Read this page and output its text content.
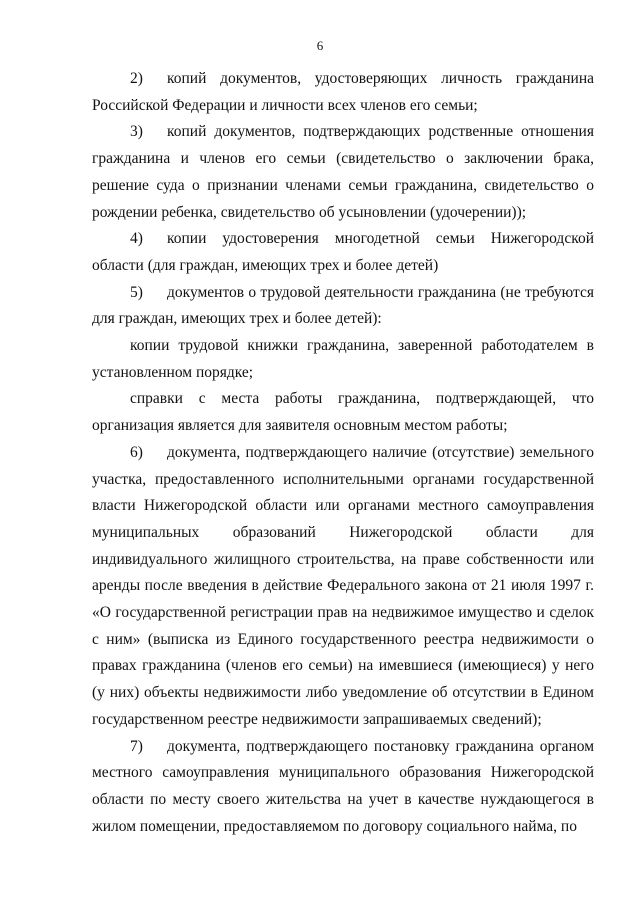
6

2) копий документов, удостоверяющих личность гражданина Российской Федерации и личности всех членов его семьи;

3) копий документов, подтверждающих родственные отношения гражданина и членов его семьи (свидетельство о заключении брака, решение суда о признании членами семьи гражданина, свидетельство о рождении ребенка, свидетельство об усыновлении (удочерении));

4) копии удостоверения многодетной семьи Нижегородской области (для граждан, имеющих трех и более детей)

5) документов о трудовой деятельности гражданина (не требуются для граждан, имеющих трех и более детей):

копии трудовой книжки гражданина, заверенной работодателем в установленном порядке;

справки с места работы гражданина, подтверждающей, что организация является для заявителя основным местом работы;

6) документа, подтверждающего наличие (отсутствие) земельного участка, предоставленного исполнительными органами государственной власти Нижегородской области или органами местного самоуправления муниципальных образований Нижегородской области для индивидуального жилищного строительства, на праве собственности или аренды после введения в действие Федерального закона от 21 июля 1997 г. «О государственной регистрации прав на недвижимое имущество и сделок с ним» (выписка из Единого государственного реестра недвижимости о правах гражданина (членов его семьи) на имевшиеся (имеющиеся) у него (у них) объекты недвижимости либо уведомление об отсутствии в Едином государственном реестре недвижимости запрашиваемых сведений);

7) документа, подтверждающего постановку гражданина органом местного самоуправления муниципального образования Нижегородской области по месту своего жительства на учет в качестве нуждающегося в жилом помещении, предоставляемом по договору социального найма, по
